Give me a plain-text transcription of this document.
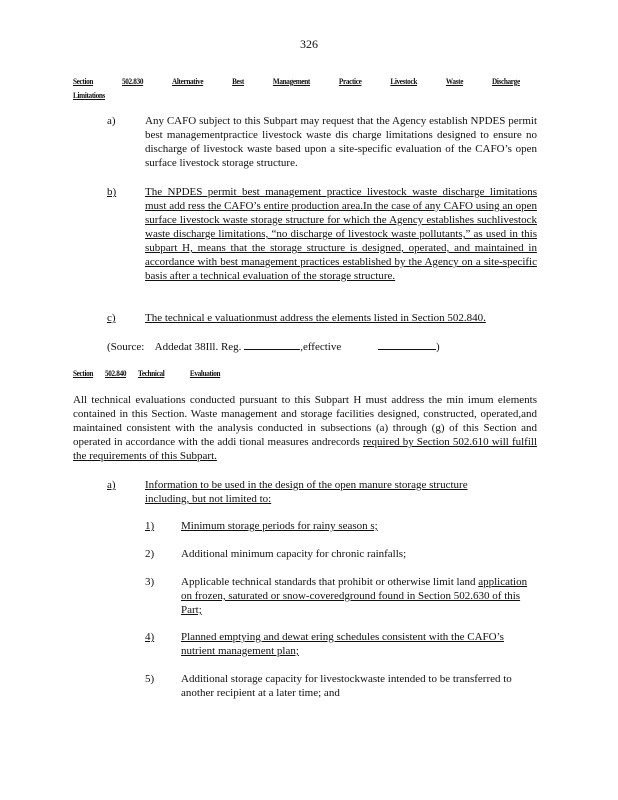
326
Section	502.830	Alternative	Best	Management	Practice	Livestock	Waste	Discharge
Limitations
a)	Any CAFO subject to this Subpart may request that the Agency establish NPDES permit best managementpractice livestock waste dis charge limitations designed to ensure no discharge of livestock waste based upon a site-specific evaluation of the CAFO’s open surface livestock storage structure.
b)	The NPDES permit best management practice livestock waste discharge limitations must add ress the CAFO’s entire production area.In the case of any CAFO using an open surface livestock waste storage structure for which the Agency establishes suchlivestock waste discharge limitations, “no discharge of livestock waste pollutants,” as used in this subpart H, means that the storage structure is designed, operated, and maintained in accordance with best management practices established by the Agency on a site-specific basis after a technical evaluation of the storage structure.
c)	The technical e valuationmust address the elements listed in Section 502.840.
(Source: Addedat 38Ill. Reg.	,effective	)
Section 502.840 Technical	Evaluation
All technical evaluations conducted pursuant to this Subpart H must address the min imum elements contained in this Section. Waste management and storage facilities designed, constructed, operated,and maintained consistent with the analysis conducted in subsections (a) through (g) of this Section and operated in accordance with the addi tional measures andrecords required by Section 502.610 will fulfill the requirements of this Subpart.
a)	Information to be used in the design of the open manure storage structure including, but not limited to:
1) Minimum storage periods for rainy season s;
2) Additional minimum capacity for chronic rainfalls;
3) Applicable technical standards that prohibit or otherwise limit land application on frozen, saturated or snow-coveredground found in Section 502.630 of this Part;
4) Planned emptying and dewat ering schedules consistent with the CAFO’s nutrient management plan;
5) Additional storage capacity for livestockwaste intended to be transferred to another recipient at a later time; and
